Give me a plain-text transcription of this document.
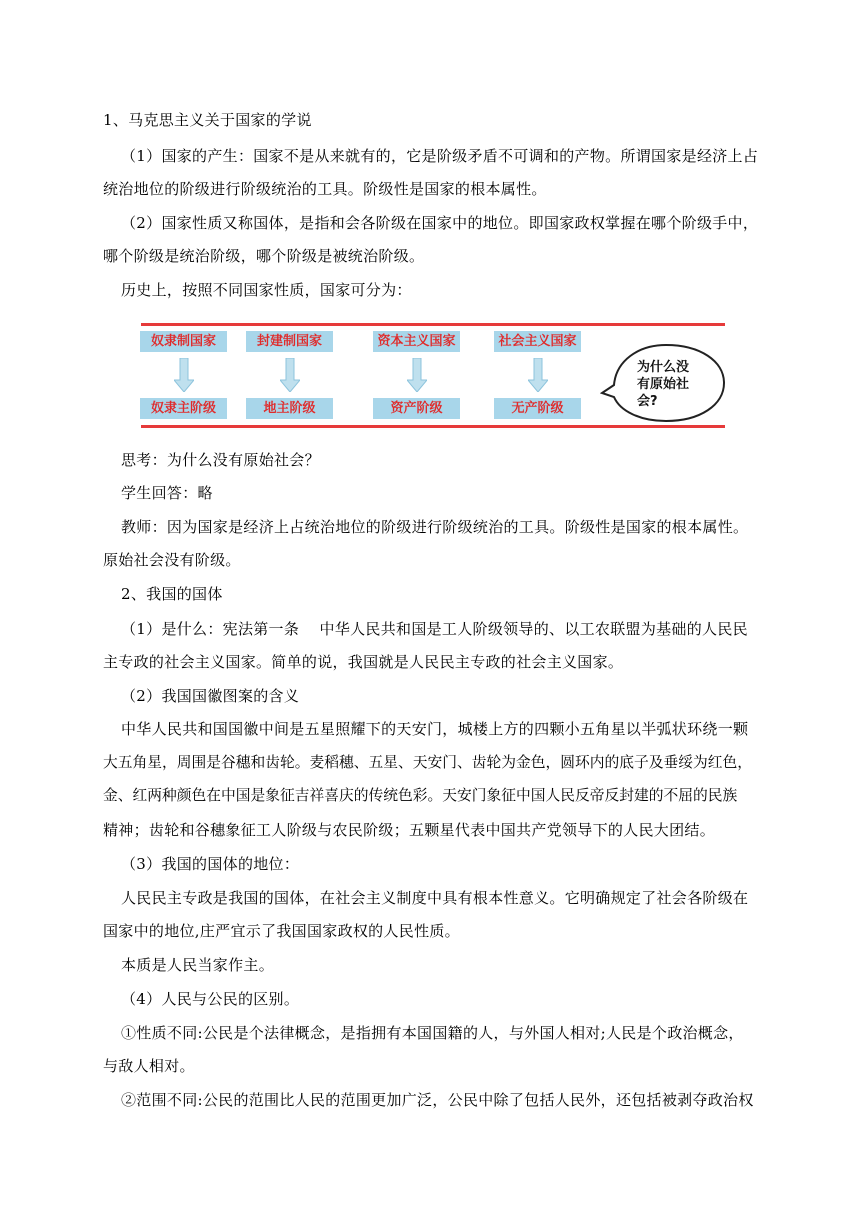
1、马克思主义关于国家的学说
（1）国家的产生：国家不是从来就有的，它是阶级矛盾不可调和的产物。所谓国家是经济上占
统治地位的阶级进行阶级统治的工具。阶级性是国家的根本属性。
（2）国家性质又称国体，是指和会各阶级在国家中的地位。即国家政权掌握在哪个阶级手中，
哪个阶级是统治阶级，哪个阶级是被统治阶级。
历史上，按照不同国家性质，国家可分为：
奴隶制国家	封建制国家	资本主义国家	社会主义国家
奴隶主阶级	地主阶级	资产阶级	无产阶级
为什么没
有原始社
会?
思考：为什么没有原始社会？
学生回答：略
教师：因为国家是经济上占统治地位的阶级进行阶级统治的工具。阶级性是国家的根本属性。
原始社会没有阶级。
2、我国的国体
（1）是什么：宪法第一条　 中华人民共和国是工人阶级领导的、以工农联盟为基础的人民民
主专政的社会主义国家。简单的说，我国就是人民民主专政的社会主义国家。
（2）我国国徽图案的含义
中华人民共和国国徽中间是五星照耀下的天安门，城楼上方的四颗小五角星以半弧状环绕一颗
大五角星，周围是谷穗和齿轮。麦稻穗、五星、天安门、齿轮为金色，圆环内的底子及垂绥为红色，
金、红两种颜色在中国是象征吉祥喜庆的传统色彩。天安门象征中国人民反帝反封建的不屈的民族
精神；齿轮和谷穗象征工人阶级与农民阶级；五颗星代表中国共产党领导下的人民大团结。
（3）我国的国体的地位：
人民民主专政是我国的国体，在社会主义制度中具有根本性意义。它明确规定了社会各阶级在
国家中的地位,庄严宜示了我国国家政权的人民性质。
本质是人民当家作主。
（4）人民与公民的区别。
①性质不同:公民是个法律概念，是指拥有本国国籍的人，与外国人相对;人民是个政治概念，
与敌人相对。
②范围不同:公民的范围比人民的范围更加广泛，公民中除了包括人民外，还包括被剥夺政治权
